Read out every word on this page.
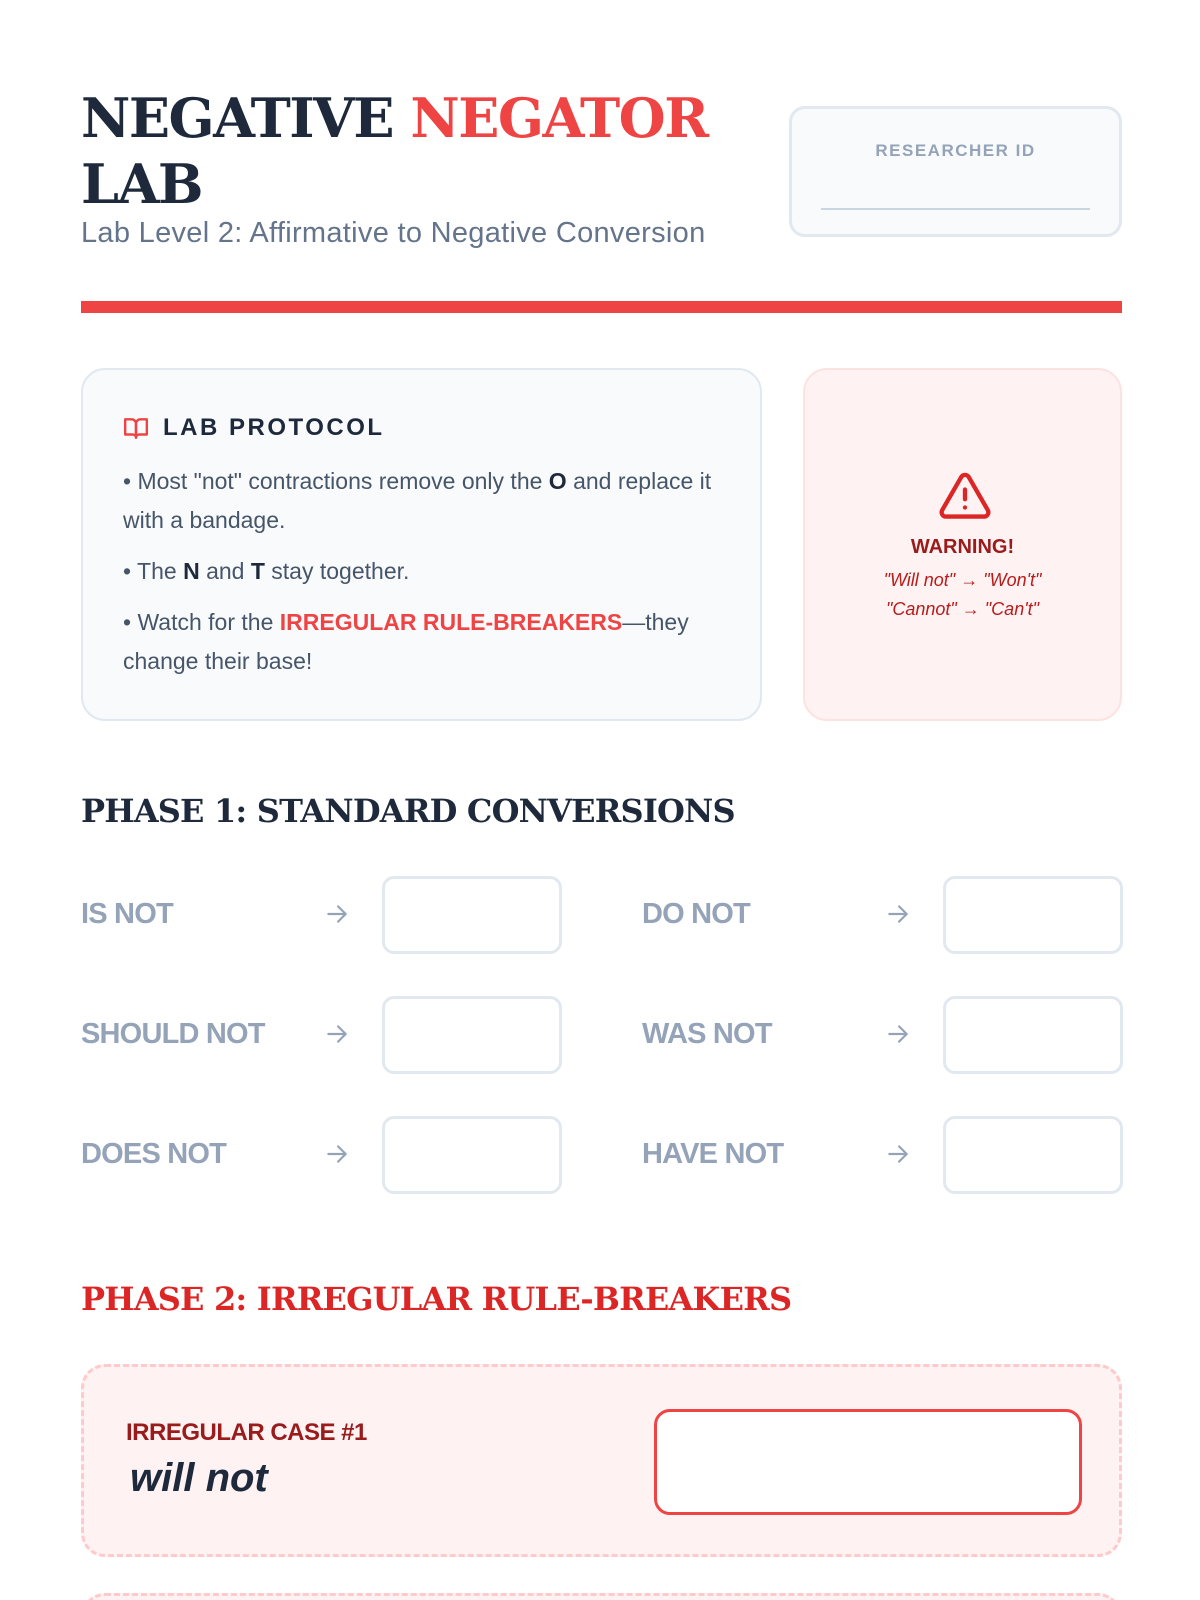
NEGATIVE NEGATOR
LAB
Lab Level 2: Affirmative to Negative Conversion
RESEARCHER ID
LAB PROTOCOL

• Most "not" contractions remove only the O and replace it with a bandage.

• The N and T stay together.

• Watch for the IRREGULAR RULE-BREAKERS—they change their base!

WARNING!
"Will not" → "Won't"
"Cannot" → "Can't"
PHASE 1: STANDARD CONVERSIONS
IS NOT	DO NOT
SHOULD NOT	WAS NOT
DOES NOT	HAVE NOT
PHASE 2: IRREGULAR RULE-BREAKERS
IRREGULAR CASE #1
will not
